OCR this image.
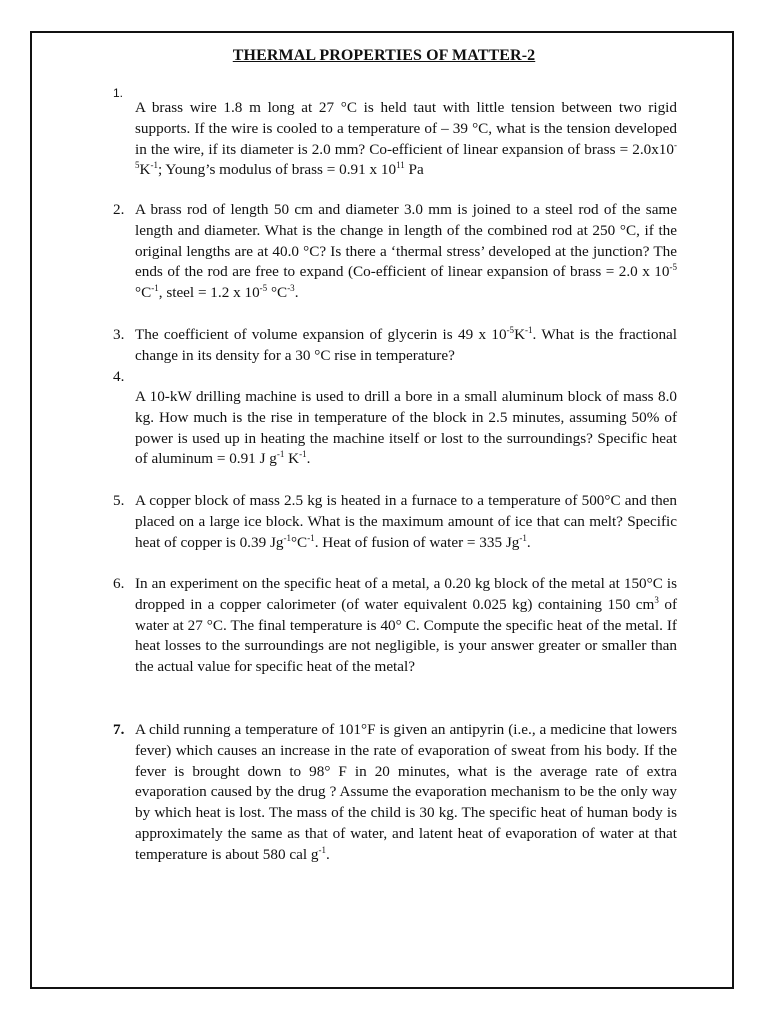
THERMAL PROPERTIES OF MATTER-2
1.
A brass wire 1.8 m long at 27 °C is held taut with little tension between two rigid supports. If the wire is cooled to a temperature of – 39 °C, what is the tension developed in the wire, if its diameter is 2.0 mm? Co-efficient of linear expansion of brass = $2.0x10^{-5}K^{-1}$; Young’s modulus of brass = 0.91 x $10^{11}$ Pa
2. A brass rod of length 50 cm and diameter 3.0 mm is joined to a steel rod of the same length and diameter. What is the change in length of the combined rod at 250 °C, if the original lengths are at 40.0 °C? Is there a ‘thermal stress’ developed at the junction? The ends of the rod are free to expand (Co-efficient of linear expansion of brass = 2.0 x $10^{-5}$ $^\circ C^{-1}$, steel = 1.2 x $10^{-5}$ $^\circ C^{-3}$.
3. The coefficient of volume expansion of glycerin is 49 x $10^{-5}K^{-1}$. What is the fractional change in its density for a 30 °C rise in temperature?
4.
A 10-kW drilling machine is used to drill a bore in a small aluminum block of mass 8.0 kg. How much is the rise in temperature of the block in 2.5 minutes, assuming 50% of power is used up in heating the machine itself or lost to the surroundings? Specific heat of aluminum = 0.91 J $g^{-1}$ $K^{-1}$.
5. A copper block of mass 2.5 kg is heated in a furnace to a temperature of 500°C and then placed on a large ice block. What is the maximum amount of ice that can melt? Specific heat of copper is 0.39 $Jg^{-1}^\circ C^{-1}$. Heat of fusion of water = 335 $Jg^{-1}$.
6. In an experiment on the specific heat of a metal, a 0.20 kg block of the metal at 150°C is dropped in a copper calorimeter (of water equivalent 0.025 kg) containing 150 $cm^3$ of water at 27 °C. The final temperature is 40° C. Compute the specific heat of the metal. If heat losses to the surroundings are not negligible, is your answer greater or smaller than the actual value for specific heat of the metal?
7. A child running a temperature of 101°F is given an antipyrin (i.e., a medicine that lowers fever) which causes an increase in the rate of evaporation of sweat from his body. If the fever is brought down to 98° F in 20 minutes, what is the average rate of extra evaporation caused by the drug ? Assume the evaporation mechanism to be the only way by which heat is lost. The mass of the child is 30 kg. The specific heat of human body is approximately the same as that of water, and latent heat of evaporation of water at that temperature is about 580 cal $g^{-1}$.
